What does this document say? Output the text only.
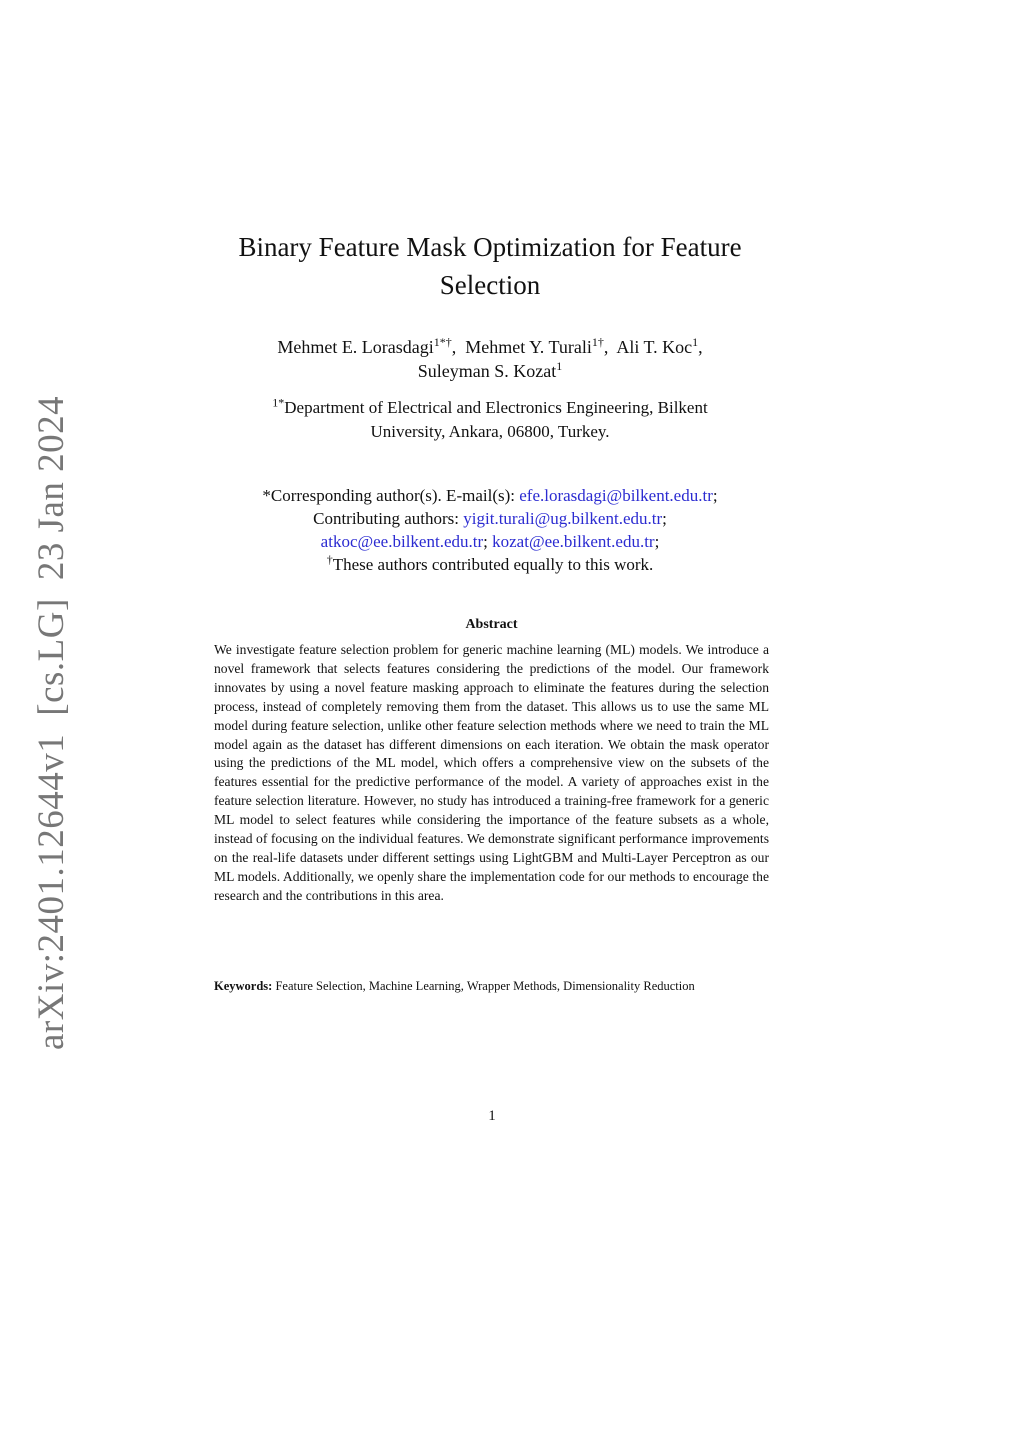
arXiv:2401.12644v1[cs.LG]23 Jan 2024
Binary Feature Mask Optimization for Feature
Selection
Mehmet E. Lorasdagi$^{1*\dagger}$,  Mehmet Y. Turali$^{1\dagger}$,  Ali T. Koc$^1$,
Suleyman S. Kozat$^1$
$^{1*}$Department of Electrical and Electronics Engineering, Bilkent
University, Ankara, 06800, Turkey.
*Corresponding author(s). E-mail(s): efe.lorasdagi@bilkent.edu.tr;
Contributing authors: yigit.turali@ug.bilkent.edu.tr;
atkoc@ee.bilkent.edu.tr; kozat@ee.bilkent.edu.tr;
†These authors contributed equally to this work.
Abstract

We investigate feature selection problem for generic machine learning (ML) models. We introduce a novel framework that selects features considering the predictions of the model. Our framework innovates by using a novel feature masking approach to eliminate the features during the selection process, instead of completely removing them from the dataset. This allows us to use the same ML model during feature selection, unlike other feature selection methods where we need to train the ML model again as the dataset has different dimensions on each iteration. We obtain the mask operator using the predictions of the ML model, which offers a comprehensive view on the subsets of the features essential for the predictive performance of the model. A variety of approaches exist in the feature selection literature. However, no study has introduced a training-free framework for a generic ML model to select features while considering the importance of the feature subsets as a whole, instead of focusing on the individual features. We demonstrate significant performance improvements on the real-life datasets under different settings using LightGBM and Multi-Layer Perceptron as our ML models. Additionally, we openly share the implementation code for our methods to encourage the research and the contributions in this area.

Keywords: Feature Selection, Machine Learning, Wrapper Methods, Dimensionality Reduction
1
